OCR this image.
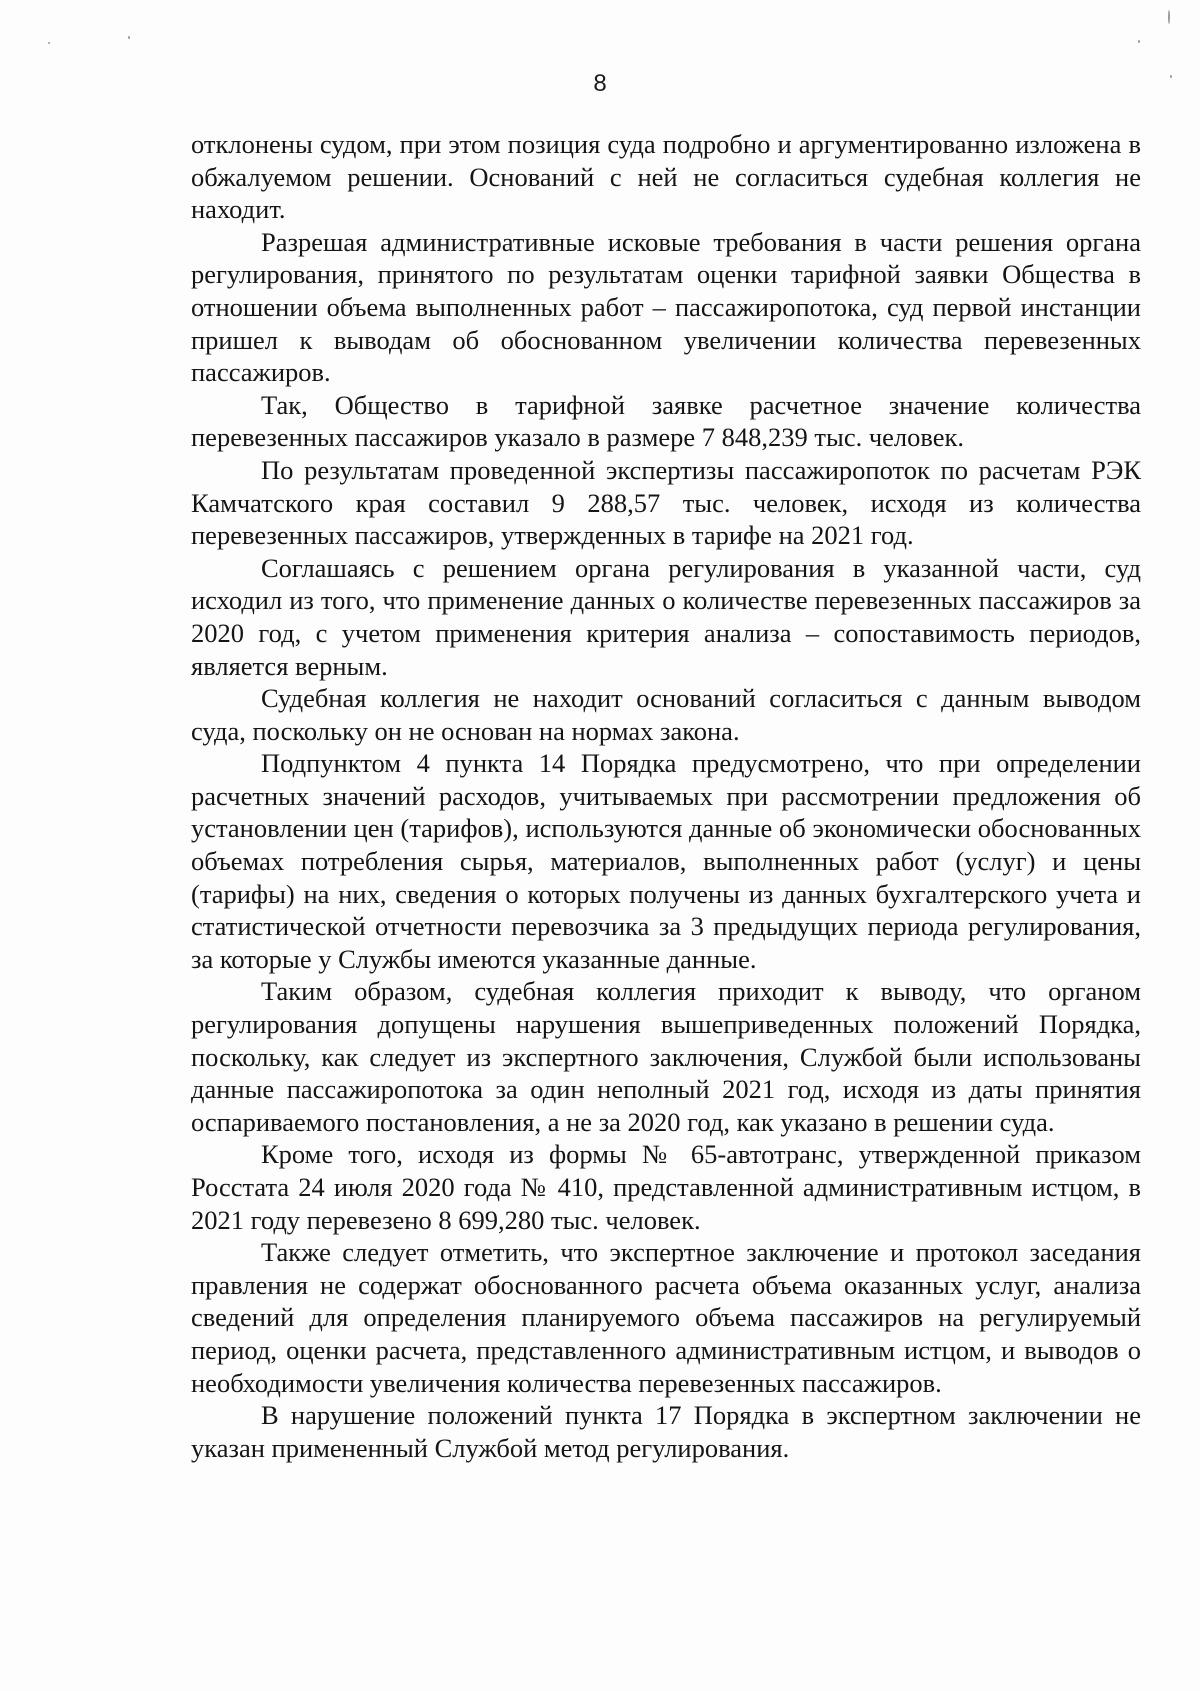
8

отклонены судом, при этом позиция суда подробно и аргументированно изложена в обжалуемом решении. Оснований с ней не согласиться судебная коллегия не находит.

Разрешая административные исковые требования в части решения органа регулирования, принятого по результатам оценки тарифной заявки Общества в отношении объема выполненных работ – пассажиропотока, суд первой инстанции пришел к выводам об обоснованном увеличении количества перевезенных пассажиров.

Так, Общество в тарифной заявке расчетное значение количества перевезенных пассажиров указало в размере 7 848,239 тыс. человек.

По результатам проведенной экспертизы пассажиропоток по расчетам РЭК Камчатского края составил 9 288,57 тыс. человек, исходя из количества перевезенных пассажиров, утвержденных в тарифе на 2021 год.

Соглашаясь с решением органа регулирования в указанной части, суд исходил из того, что применение данных о количестве перевезенных пассажиров за 2020 год, с учетом применения критерия анализа – сопоставимость периодов, является верным.

Судебная коллегия не находит оснований согласиться с данным выводом суда, поскольку он не основан на нормах закона.

Подпунктом 4 пункта 14 Порядка предусмотрено, что при определении расчетных значений расходов, учитываемых при рассмотрении предложения об установлении цен (тарифов), используются данные об экономически обоснованных объемах потребления сырья, материалов, выполненных работ (услуг) и цены (тарифы) на них, сведения о которых получены из данных бухгалтерского учета и статистической отчетности перевозчика за 3 предыдущих периода регулирования, за которые у Службы имеются указанные данные.

Таким образом, судебная коллегия приходит к выводу, что органом регулирования допущены нарушения вышеприведенных положений Порядка, поскольку, как следует из экспертного заключения, Службой были использованы данные пассажиропотока за один неполный 2021 год, исходя из даты принятия оспариваемого постановления, а не за 2020 год, как указано в решении суда.

Кроме того, исходя из формы № 65-автотранс, утвержденной приказом Росстата 24 июля 2020 года № 410, представленной административным истцом, в 2021 году перевезено 8 699,280 тыс. человек.

Также следует отметить, что экспертное заключение и протокол заседания правления не содержат обоснованного расчета объема оказанных услуг, анализа сведений для определения планируемого объема пассажиров на регулируемый период, оценки расчета, представленного административным истцом, и выводов о необходимости увеличения количества перевезенных пассажиров.

В нарушение положений пункта 17 Порядка в экспертном заключении не указан примененный Службой метод регулирования.
